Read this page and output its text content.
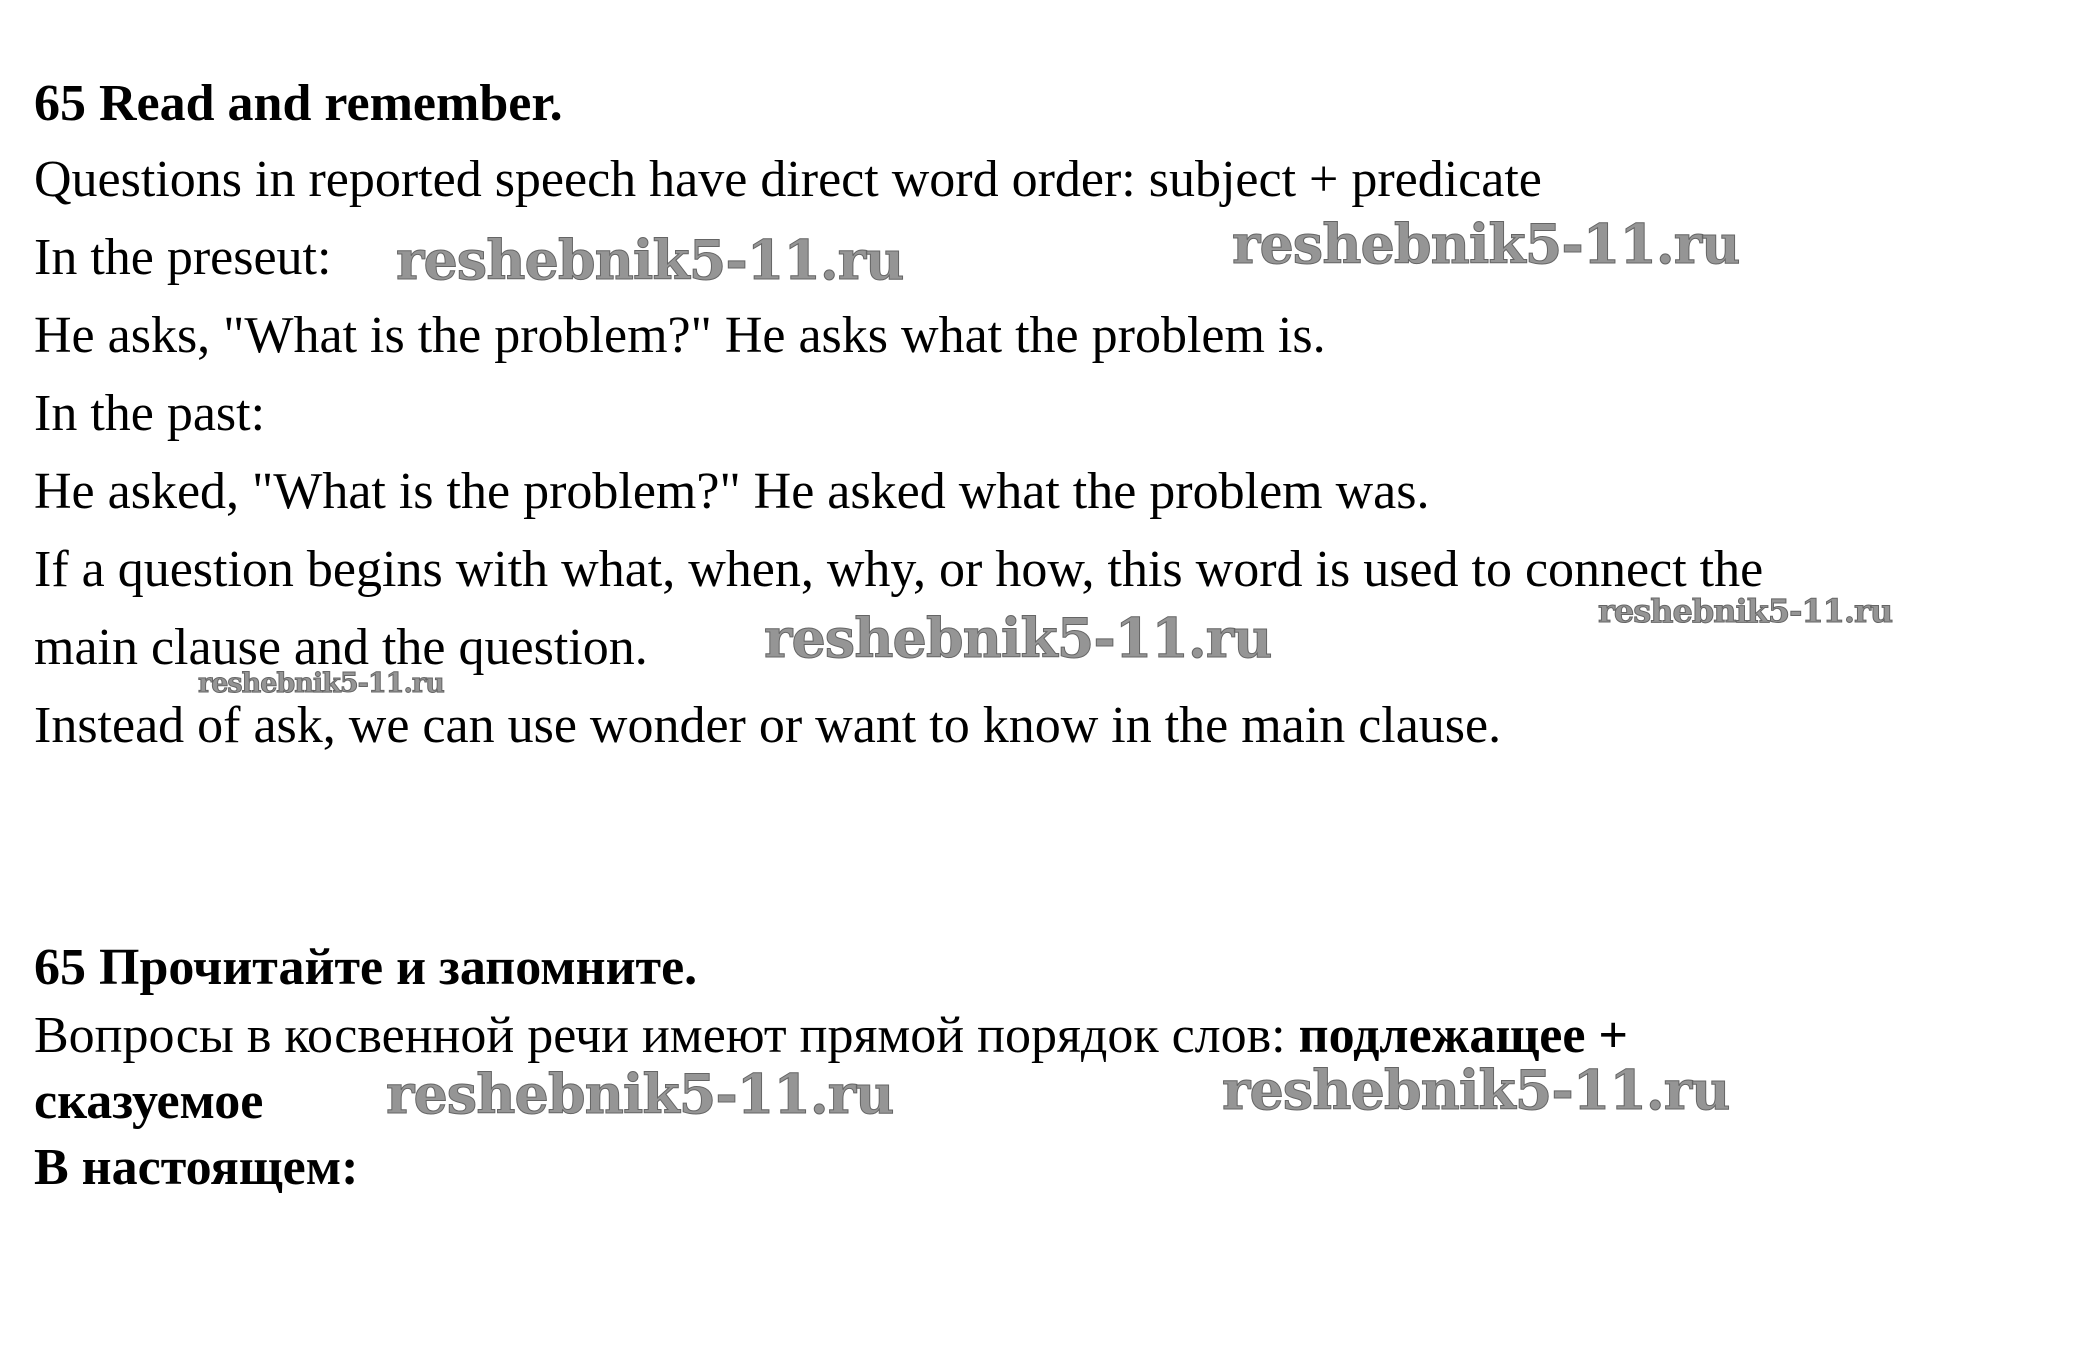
65 Read and remember.
Questions in reported speech have direct word order: subject + predicate
In the preseut:
He asks, "What is the problem?" He asks what the problem is.
In the past:
He asked, "What is the problem?" He asked what the problem was.
If a question begins with what, when, why, or how, this word is used to connect the
main clause and the question.
Instead of ask, we can use wonder or want to know in the main clause.
65 Прочитайте и запомните.
Вопросы в косвенной речи имеют прямой порядок слов: подлежащее +
сказуемое
В настоящем:
reshebnik5-11.ru	reshebnik5-11.ru
reshebnik5-11.ru	reshebnik5-11.ru
reshebnik5-11.ru
reshebnik5-11.ru	reshebnik5-11.ru
